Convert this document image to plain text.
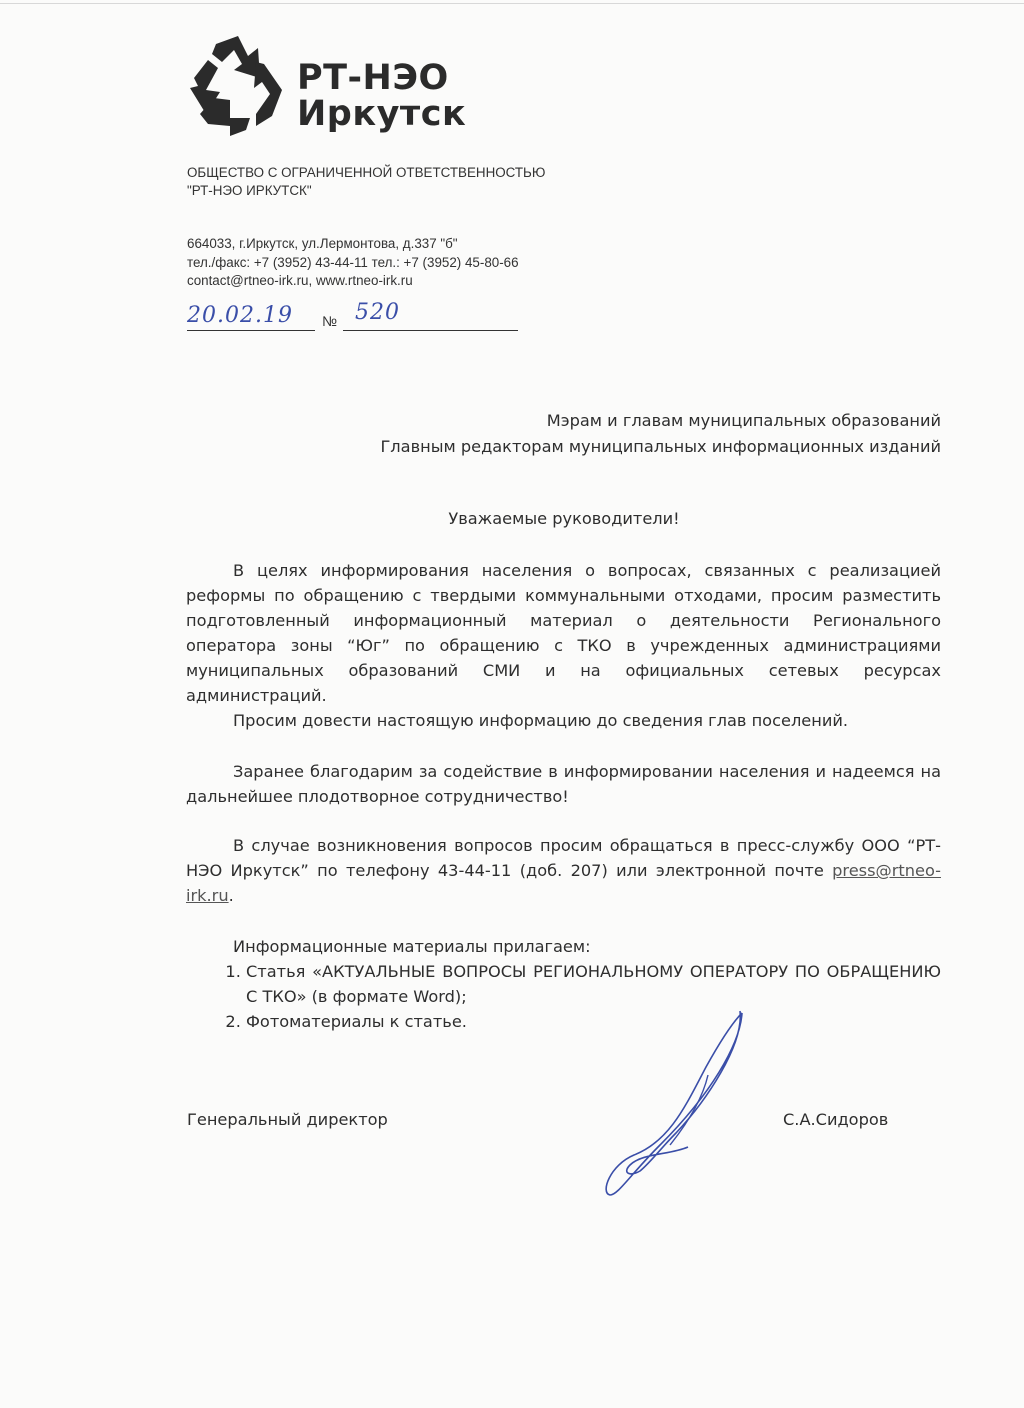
РТ-НЭО
Иркутск
ОБЩЕСТВО С ОГРАНИЧЕННОЙ ОТВЕТСТВЕННОСТЬЮ
"РТ-НЭО ИРКУТСК"
664033, г.Иркутск, ул.Лермонтова, д.337 "б"
тел./факс: +7 (3952) 43-44-11 тел.: +7 (3952) 45-80-66
contact@rtneo-irk.ru, www.rtneo-irk.ru
20.02.19 № 520
Мэрам и главам муниципальных образований
Главным редакторам муниципальных информационных изданий
Уважаемые руководители!

В целях информирования населения о вопросах, связанных с реализацией реформы по обращению с твердыми коммунальными отходами, просим разместить подготовленный информационный материал о деятельности Регионального оператора зоны “Юг” по обращению с ТКО в учрежденных администрациями муниципальных образований СМИ и на официальных сетевых ресурсах администраций.

Просим довести настоящую информацию до сведения глав поселений.

Заранее благодарим за содействие в информировании населения и надеемся на дальнейшее плодотворное сотрудничество!

В случае возникновения вопросов просим обращаться в пресс-службу ООО “РТ-НЭО Иркутск” по телефону 43-44-11 (доб. 207) или электронной почте press@rtneo-irk.ru.

Информационные материалы прилагаем:
1. Статья «АКТУАЛЬНЫЕ ВОПРОСЫ РЕГИОНАЛЬНОМУ ОПЕРАТОРУ ПО ОБРАЩЕНИЮ С ТКО» (в формате Word);
2. Фотоматериалы к статье.
Генеральный директор	С.А.Сидоров
